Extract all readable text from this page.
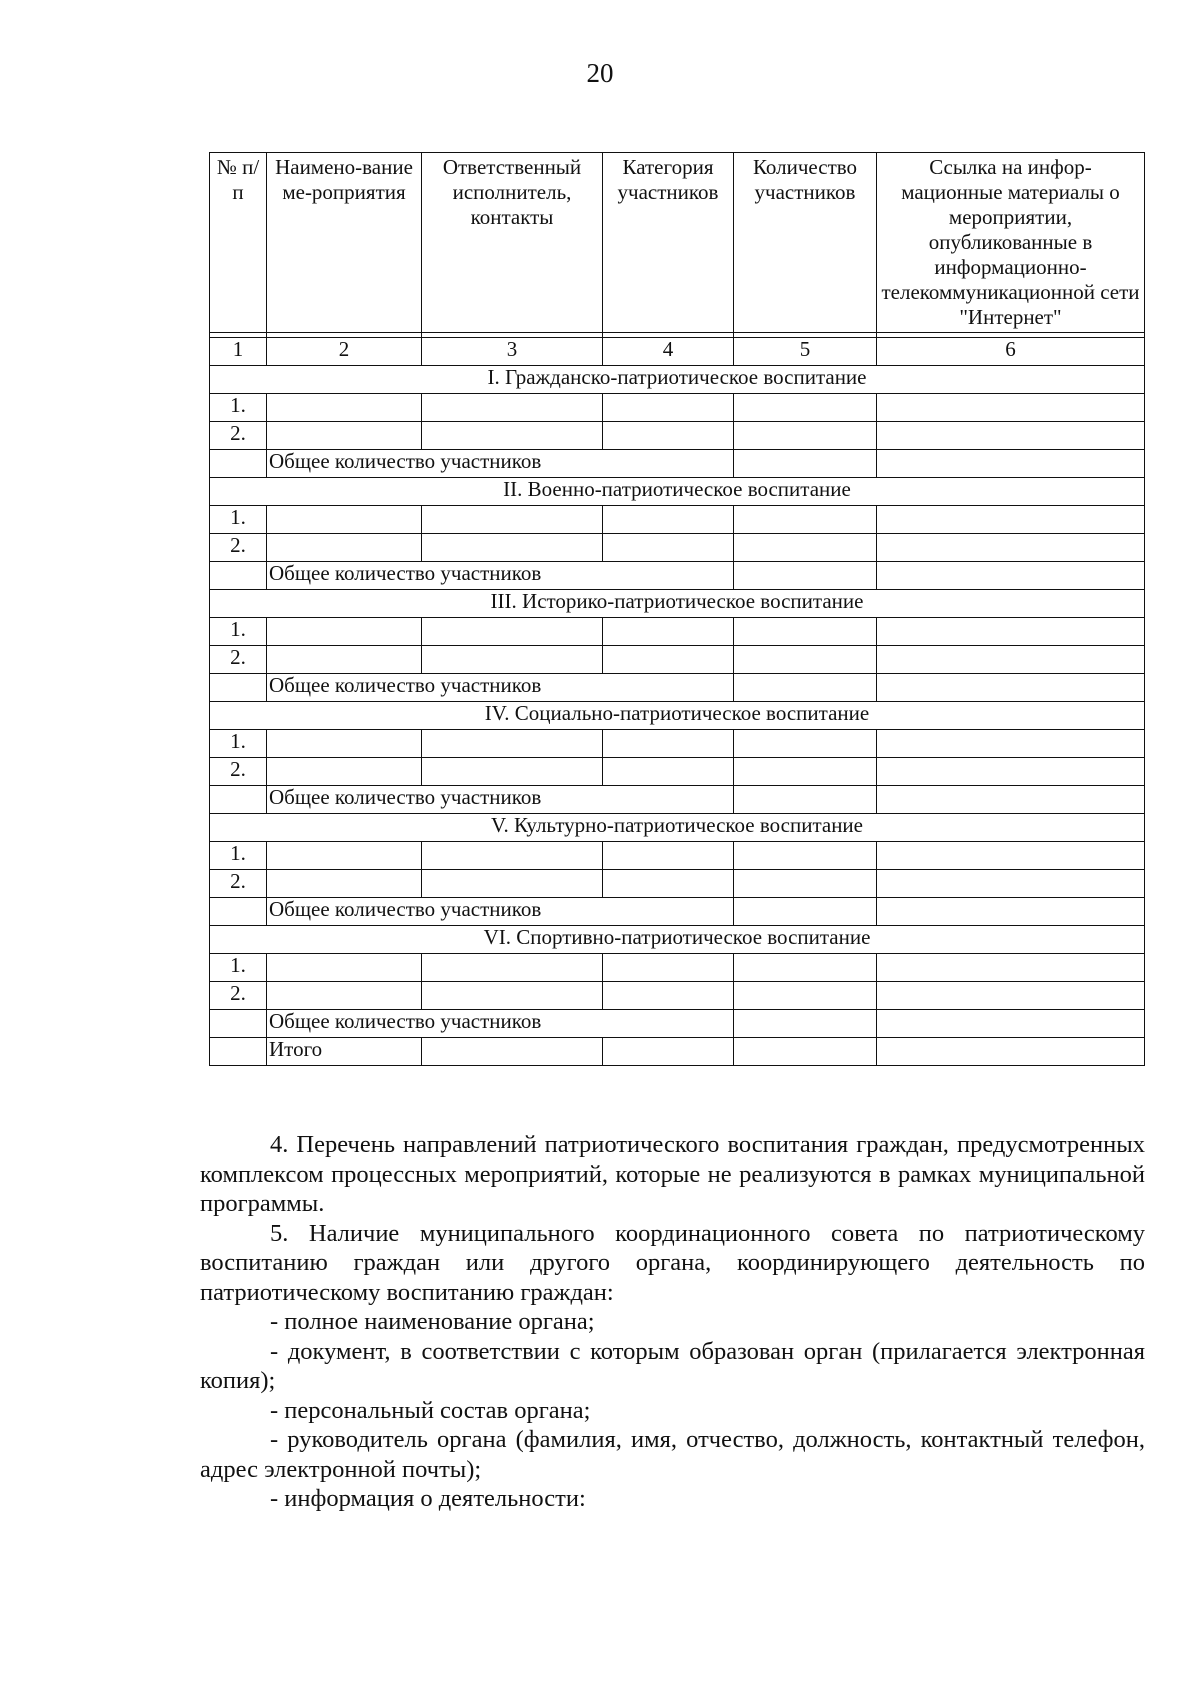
20
№ п/п	Наимено-вание ме-роприятия	Ответственный исполнитель, контакты	Категория участников	Количество участников	Ссылка на инфор-мационные материалы о мероприятии, опубликованные в информационно-телекоммуникационной сети "Интернет"

1	2	3	4	5	6
I. Гражданско-патриотическое воспитание					
1.					
2.					
	Общее количество участников				
II. Военно-патриотическое воспитание					
1.					
2.					
	Общее количество участников				
III. Историко-патриотическое воспитание					
1.					
2.					
	Общее количество участников				
IV. Социально-патриотическое воспитание					
1.					
2.					
	Общее количество участников				
V. Культурно-патриотическое воспитание					
1.					
2.					
	Общее количество участников				
VI. Спортивно-патриотическое воспитание					
1.					
2.					
	Общее количество участников				
	Итого				

4. Перечень направлений патриотического воспитания граждан, предусмотренных комплексом процессных мероприятий, которые не реализуются в рамках муниципальной программы.

5. Наличие муниципального координационного совета по патриотическому воспитанию граждан или другого органа, координирующего деятельность по патриотическому воспитанию граждан:

- полное наименование органа;

- документ, в соответствии с которым образован орган (прилагается электронная копия);

- персональный состав органа;

- руководитель органа (фамилия, имя, отчество, должность, контактный телефон, адрес электронной почты);

- информация о деятельности:
